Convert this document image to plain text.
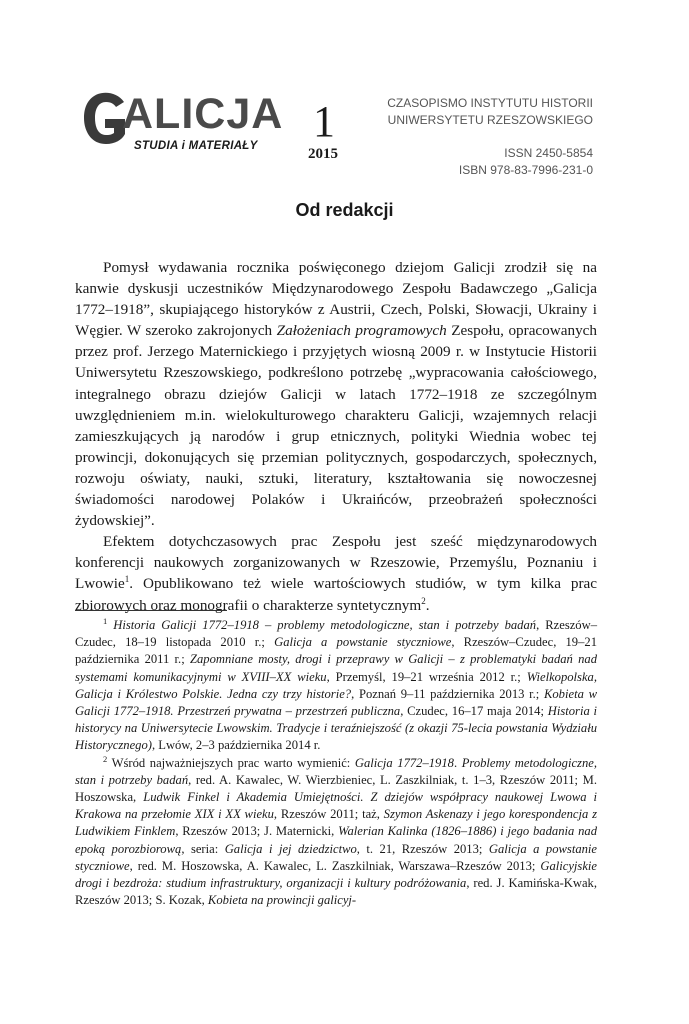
ALICJA
STUDIA i MATERIAŁY 1
2015
CZASOPISMO INSTYTUTU HISTORII
UNIWERSYTETU RZESZOWSKIEGO
ISSN 2450-5854
ISBN 978-83-7996-231-0
Od redakcji

Pomysł wydawania rocznika poświęconego dziejom Galicji zrodził się na kanwie dyskusji uczestników Międzynarodowego Zespołu Badawczego „Galicja 1772–1918”, skupiającego historyków z Austrii, Czech, Polski, Słowacji, Ukrainy i Węgier. W szeroko zakrojonych Założeniach programowych Zespołu, opracowanych przez prof. Jerzego Maternickiego i przyjętych wiosną 2009 r. w Instytucie Historii Uniwersytetu Rzeszowskiego, podkreślono potrzebę „wypracowania całościowego, integralnego obrazu dziejów Galicji w latach 1772–1918 ze szczególnym uwzględnieniem m.in. wielokulturowego charakteru Galicji, wzajemnych relacji zamieszkujących ją narodów i grup etnicznych, polityki Wiednia wobec tej prowincji, dokonujących się przemian politycznych, gospodarczych, społecznych, rozwoju oświaty, nauki, sztuki, literatury, kształtowania się nowoczesnej świadomości narodowej Polaków i Ukraińców, przeobrażeń społeczności żydowskiej”.

Efektem dotychczasowych prac Zespołu jest sześć międzynarodowych konferencji naukowych zorganizowanych w Rzeszowie, Przemyślu, Poznaniu i Lwowie$^1$. Opublikowano też wiele wartościowych studiów, w tym kilka prac zbiorowych oraz monografii o charakterze syntetycznym$^2$.

$^1$ Historia Galicji 1772–1918 – problemy metodologiczne, stan i potrzeby badań, Rzeszów–Czudec, 18–19 listopada 2010 r.; Galicja a powstanie styczniowe, Rzeszów–Czudec, 19–21 października 2011 r.; Zapomniane mosty, drogi i przeprawy w Galicji – z problematyki badań nad systemami komunikacyjnymi w XVIII–XX wieku, Przemyśl, 19–21 września 2012 r.; Wielkopolska, Galicja i Królestwo Polskie. Jedna czy trzy historie?, Poznań 9–11 października 2013 r.; Kobieta w Galicji 1772–1918. Przestrzeń prywatna – przestrzeń publiczna, Czudec, 16–17 maja 2014; Historia i historycy na Uniwersytecie Lwowskim. Tradycje i teraźniejszość (z okazji 75-lecia powstania Wydziału Historycznego), Lwów, 2–3 października 2014 r.

$^2$ Wśród najważniejszych prac warto wymienić: Galicja 1772–1918. Problemy metodologiczne, stan i potrzeby badań, red. A. Kawalec, W. Wierzbieniec, L. Zaszkilniak, t. 1–3, Rzeszów 2011; M. Hoszowska, Ludwik Finkel i Akademia Umiejętności. Z dziejów współpracy naukowej Lwowa i Krakowa na przełomie XIX i XX wieku, Rzeszów 2011; taż, Szymon Askenazy i jego korespondencja z Ludwikiem Finklem, Rzeszów 2013; J. Maternicki, Walerian Kalinka (1826–1886) i jego badania nad epoką porozbiorową, seria: Galicja i jej dziedzictwo, t. 21, Rzeszów 2013; Galicja a powstanie styczniowe, red. M. Hoszowska, A. Kawalec, L. Zaszkilniak, Warszawa–Rzeszów 2013; Galicyjskie drogi i bezdroża: studium infrastruktury, organizacji i kultury podróżowania, red. J. Kamińska-Kwak, Rzeszów 2013; S. Kozak, Kobieta na prowincji galicyj-
